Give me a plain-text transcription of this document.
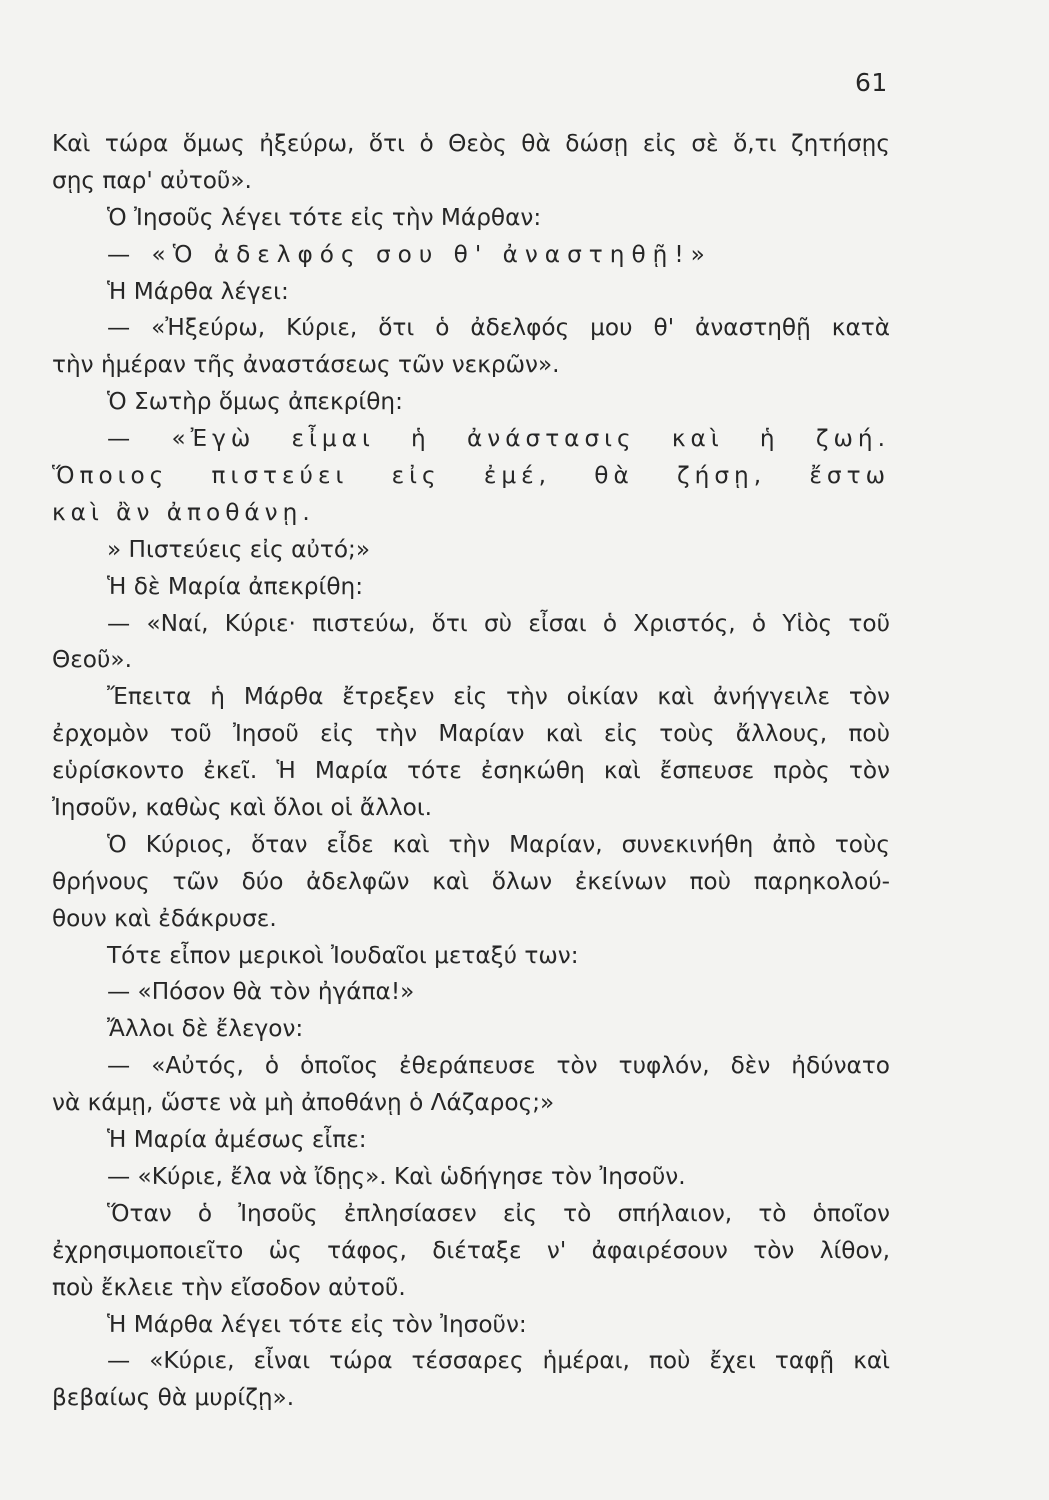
61
Καὶ τώρα ὅμως ἠξεύρω, ὅτι ὁ Θεὸς θὰ δώσῃ εἰς σὲ ὅ,τι ζητήσῃς
σῃς παρ' αὐτοῦ».
Ὁ Ἰησοῦς λέγει τότε εἰς τὴν Μάρθαν:
— «Ὁ ἀδελφός σου θ' ἀναστηθῇ!»
Ἡ Μάρθα λέγει:
— «Ἠξεύρω, Κύριε, ὅτι ὁ ἀδελφός μου θ' ἀναστηθῇ κατὰ
τὴν ἡμέραν τῆς ἀναστάσεως τῶν νεκρῶν».
Ὁ Σωτὴρ ὅμως ἀπεκρίθη:
— «Ἐγὼ εἶμαι ἡ ἀνάστασις καὶ ἡ ζωή.
Ὅποιος πιστεύει εἰς ἐμέ, θὰ ζήσῃ, ἔστω
καὶ ἂν ἀποθάνῃ.
» Πιστεύεις εἰς αὐτό;»
Ἡ δὲ Μαρία ἀπεκρίθη:
— «Ναί, Κύριε· πιστεύω, ὅτι σὺ εἶσαι ὁ Χριστός, ὁ Υἱὸς τοῦ
Θεοῦ».
Ἔπειτα ἡ Μάρθα ἔτρεξεν εἰς τὴν οἰκίαν καὶ ἀνήγγειλε τὸν
ἐρχομὸν τοῦ Ἰησοῦ εἰς τὴν Μαρίαν καὶ εἰς τοὺς ἄλλους, ποὺ
εὑρίσκοντο ἐκεῖ. Ἡ Μαρία τότε ἐσηκώθη καὶ ἔσπευσε πρὸς τὸν
Ἰησοῦν, καθὼς καὶ ὅλοι οἱ ἄλλοι.
Ὁ Κύριος, ὅταν εἶδε καὶ τὴν Μαρίαν, συνεκινήθη ἀπὸ τοὺς
θρήνους τῶν δύο ἀδελφῶν καὶ ὅλων ἐκείνων ποὺ παρηκολού-
θουν καὶ ἐδάκρυσε.
Τότε εἶπον μερικοὶ Ἰουδαῖοι μεταξύ των:
— «Πόσον θὰ τὸν ἠγάπα!»
Ἄλλοι δὲ ἔλεγον:
— «Αὐτός, ὁ ὁποῖος ἐθεράπευσε τὸν τυφλόν, δὲν ἠδύνατο
νὰ κάμῃ, ὥστε νὰ μὴ ἀποθάνῃ ὁ Λάζαρος;»
Ἡ Μαρία ἀμέσως εἶπε:
— «Κύριε, ἔλα νὰ ἴδῃς». Καὶ ὡδήγησε τὸν Ἰησοῦν.
Ὅταν ὁ Ἰησοῦς ἐπλησίασεν εἰς τὸ σπήλαιον, τὸ ὁποῖον
ἐχρησιμοποιεῖτο ὡς τάφος, διέταξε ν' ἀφαιρέσουν τὸν λίθον,
ποὺ ἔκλειε τὴν εἴσοδον αὐτοῦ.
Ἡ Μάρθα λέγει τότε εἰς τὸν Ἰησοῦν:
— «Κύριε, εἶναι τώρα τέσσαρες ἡμέραι, ποὺ ἔχει ταφῇ καὶ
βεβαίως θὰ μυρίζῃ».
